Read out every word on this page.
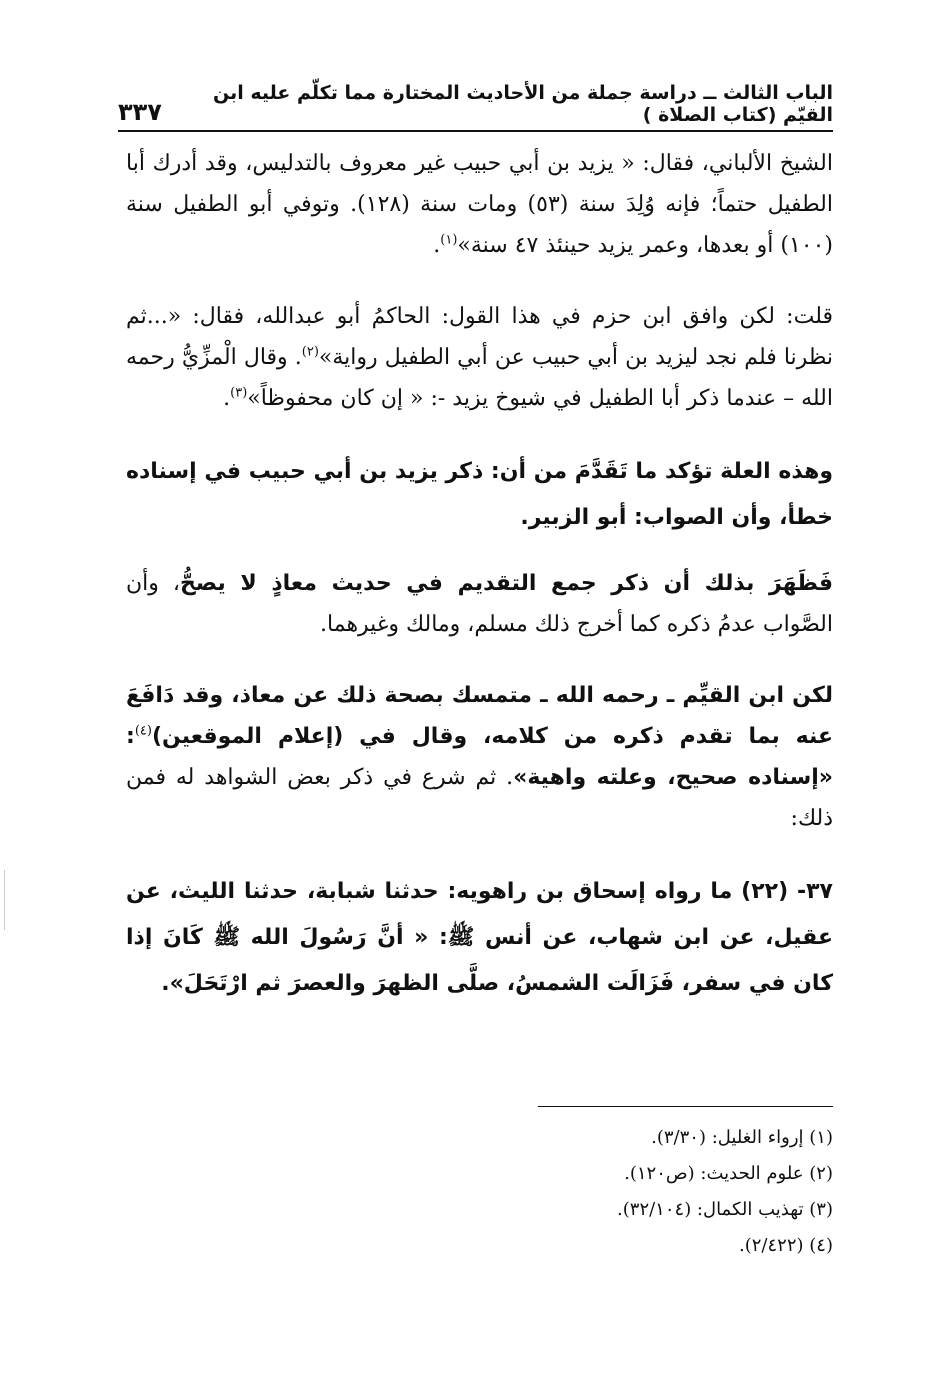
الباب الثالث ــ دراسة جملة من الأحاديث المختارة مما تكلّم عليه ابن القيّم (كتاب الصلاة )
٣٣٧

الشيخ الألباني، فقال: « يزيد بن أبي حبيب غير معروف بالتدليس، وقد أدرك أبا الطفيل حتماً؛ فإنه وُلِدَ سنة (٥٣) ومات سنة (١٢٨). وتوفي أبو الطفيل سنة (١٠٠) أو بعدها، وعمر يزيد حينئذ ٤٧ سنة»$^{(١)}$.

قلت: لكن وافق ابن حزم في هذا القول: الحاكمُ أبو عبدالله، فقال: «...ثم نظرنا فلم نجد ليزيد بن أبي حبيب عن أبي الطفيل رواية»$^{(٢)}$. وقال الْمزِّيُّ رحمه الله – عندما ذكر أبا الطفيل في شيوخ يزيد -: « إن كان محفوظاً»$^{(٣)}$.

وهذه العلة تؤكد ما تَقَدَّمَ من أن: ذكر يزيد بن أبي حبيب في إسناده خطأ، وأن الصواب: أبو الزبير.

فَظَهَرَ بذلك أن ذكر جمع التقديم في حديث معاذٍ لا يصحُّ، وأن الصَّواب عدمُ ذكره كما أخرج ذلك مسلم، ومالك وغيرهما.

لكن ابن القيِّم ـ رحمه الله ـ متمسك بصحة ذلك عن معاذ، وقد دَافَعَ عنه بما تقدم ذكره من كلامه، وقال في (إعلام الموقعين)$^{(٤)}$: «إسناده صحيح، وعلته واهية». ثم شرع في ذكر بعض الشواهد له فمن ذلك:

٣٧- (٢٢) ما رواه إسحاق بن راهويه: حدثنا شبابة، حدثنا الليث، عن عقيل، عن ابن شهاب، عن أنس ﷺ: « أنَّ رَسُولَ الله ﷺ كَانَ إذا كان في سفر، فَزَالَت الشمسُ، صلَّى الظهرَ والعصرَ ثم ارْتَحَلَ».

(١) إرواء الغليل: (٣/٣٠).

(٢) علوم الحديث: (ص١٢٠).

(٣) تهذيب الكمال: (٣٢/١٠٤).

(٤) (٢/٤٢٢).
